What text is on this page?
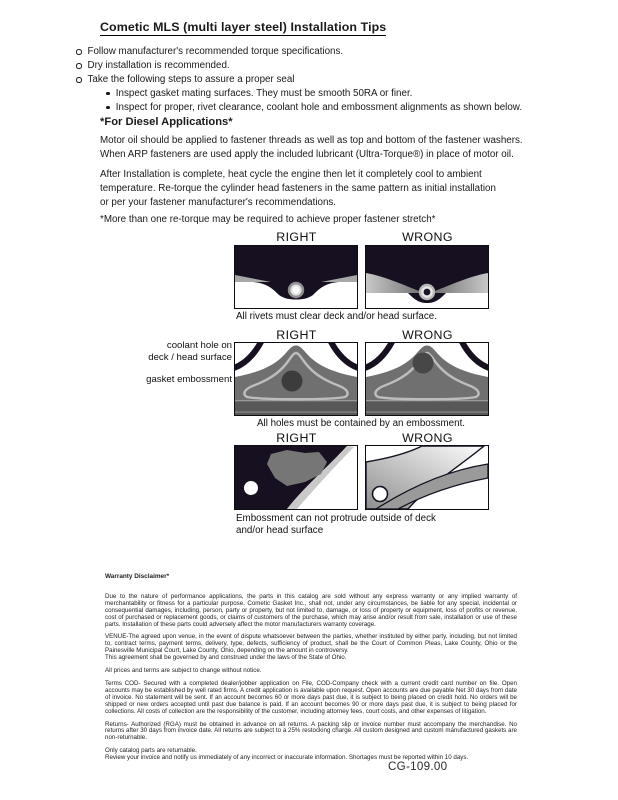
Cometic MLS (multi layer steel) Installation Tips
Follow manufacturer's recommended torque specifications.
Dry installation is recommended.
Take the following steps to assure a proper seal
Inspect gasket mating surfaces. They must be smooth 50RA or finer.
Inspect for proper, rivet clearance, coolant hole and embossment alignments as shown below.
*For Diesel Applications*
Motor oil should be applied to fastener threads as well as top and bottom of the fastener washers.
When ARP fasteners are used apply the included lubricant (Ultra-Torque®) in place of motor oil.
After Installation is complete, heat cycle the engine then let it completely cool to ambient
temperature. Re-torque the cylinder head fasteners in the same pattern as initial installation
or per your fastener manufacturer's recommendations.
*More than one re-torque may be required to achieve proper fastener stretch*
RIGHT	WRONG
All rivets must clear deck and/or head surface.
RIGHT	WRONG
coolant hole on
deck / head surface
gasket embossment
All holes must be contained by an embossment.
RIGHT	WRONG
Embossment can not protrude outside of deck and/or head surface
Warranty Disclaimer*

Due to the nature of performance applications, the parts in this catalog are sold without any express warranty or any implied warranty of merchantability or fitness for a particular purpose. Cometic Gasket Inc., shall not, under any circumstances, be liable for any special, incidental or consequential damages, including, person, party or property, but not limited to, damage, or loss of property or equipment, loss of profits or revenue, cost of purchased or replacement goods, or claims of customers of the purchase, which may arise and/or result from sale, installation or use of these parts. Installation of these parts could adversely affect the motor manufacturers warranty coverage.

VENUE-The agreed upon venue, in the event of dispute whatsoever between the parties, whether instituted by either party, including, but not limited to, contract terms, payment terms, delivery, type, defects, sufficiency of product, shall be the Court of Common Pleas, Lake County, Ohio or the Painesville Municipal Court, Lake County, Ohio, depending on the amount in controversy.

This agreement shall be governed by and construed under the laws of the State of Ohio.

All prices and terms are subject to change without notice.

Terms COD- Secured with a completed dealer/jobber application on File, COD-Company check with a current credit card number on file. Open accounts may be established by well rated firms. A credit application is available upon request. Open accounts are due payable Net 30 days from date of invoice. No statement will be sent. If an account becomes 60 or more days past due, it is subject to being placed on credit hold. No orders will be shipped or new orders accepted until past due balance is paid. If an account becomes 90 or more days past due, it is subject to being placed for collections. All costs of collection are the responsibility of the customer, including attorney fees, court costs, and other expenses of litigation.

Returns- Authorized (RGA) must be obtained in advance on all returns. A packing slip or invoice number must accompany the merchandise. No returns after 30 days from invoice date. All returns are subject to a 25% restocking charge. All custom designed and custom manufactured gaskets are non-returnable.

Only catalog parts are returnable.

Review your invoice and notify us immediately of any incorrect or inaccurate information. Shortages must be reported within 10 days.

CG-109.00
